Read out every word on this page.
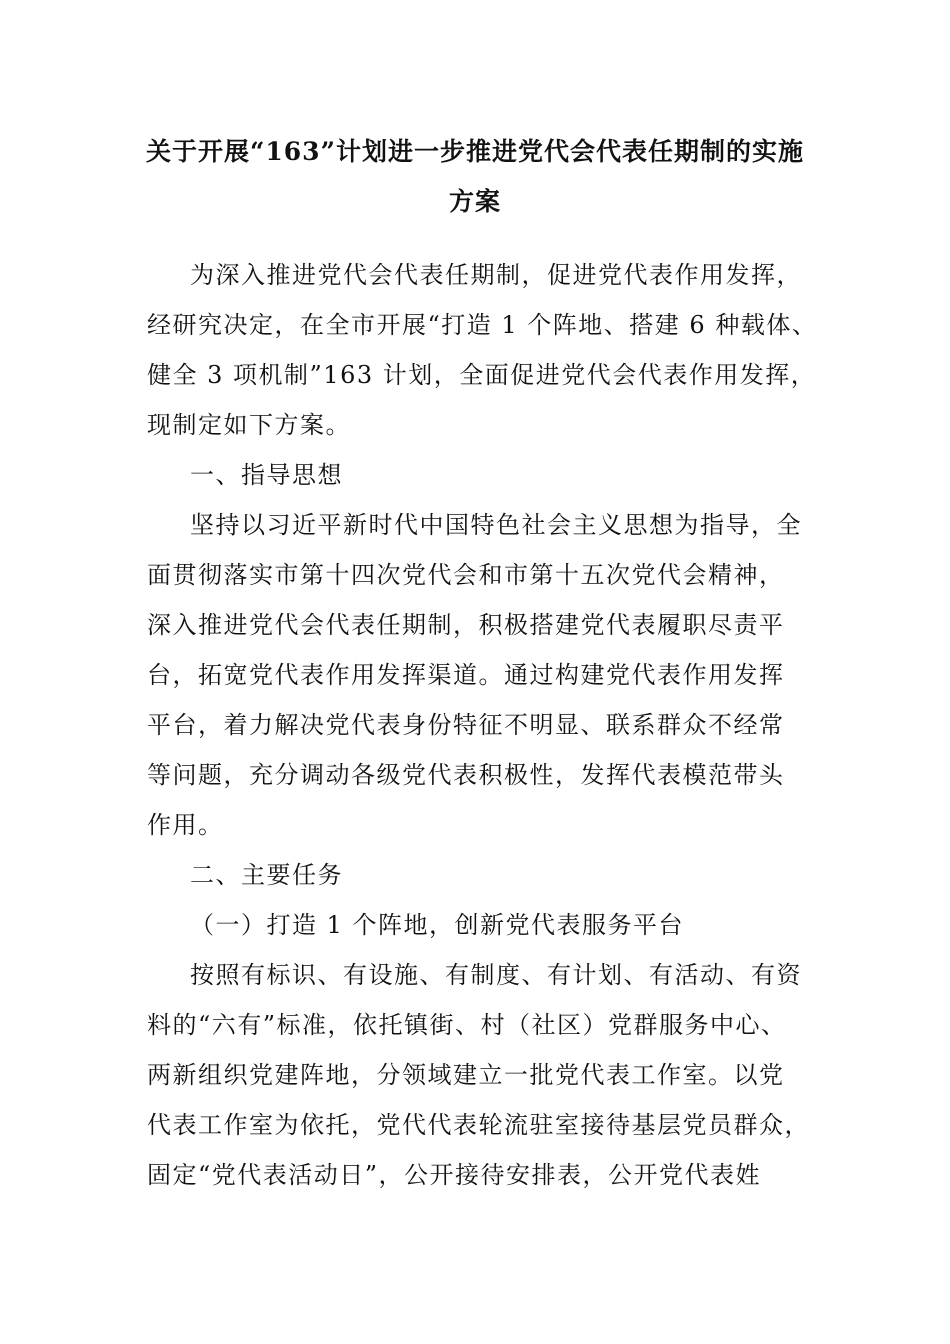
关于开展“163”计划进一步推进党代会代表任期制的实施
方案
为深入推进党代会代表任期制，促进党代表作用发挥，
经研究决定，在全市开展“打造 1 个阵地、搭建 6 种载体、
健全 3 项机制”163 计划，全面促进党代会代表作用发挥，
现制定如下方案。
一、指导思想
坚持以习近平新时代中国特色社会主义思想为指导，全
面贯彻落实市第十四次党代会和市第十五次党代会精神，
深入推进党代会代表任期制，积极搭建党代表履职尽责平
台，拓宽党代表作用发挥渠道。通过构建党代表作用发挥
平台，着力解决党代表身份特征不明显、联系群众不经常
等问题，充分调动各级党代表积极性，发挥代表模范带头
作用。
二、主要任务
（一）打造 1 个阵地，创新党代表服务平台
按照有标识、有设施、有制度、有计划、有活动、有资
料的“六有”标准，依托镇街、村（社区）党群服务中心、
两新组织党建阵地，分领域建立一批党代表工作室。以党
代表工作室为依托，党代代表轮流驻室接待基层党员群众，
固定“党代表活动日”，公开接待安排表，公开党代表姓
